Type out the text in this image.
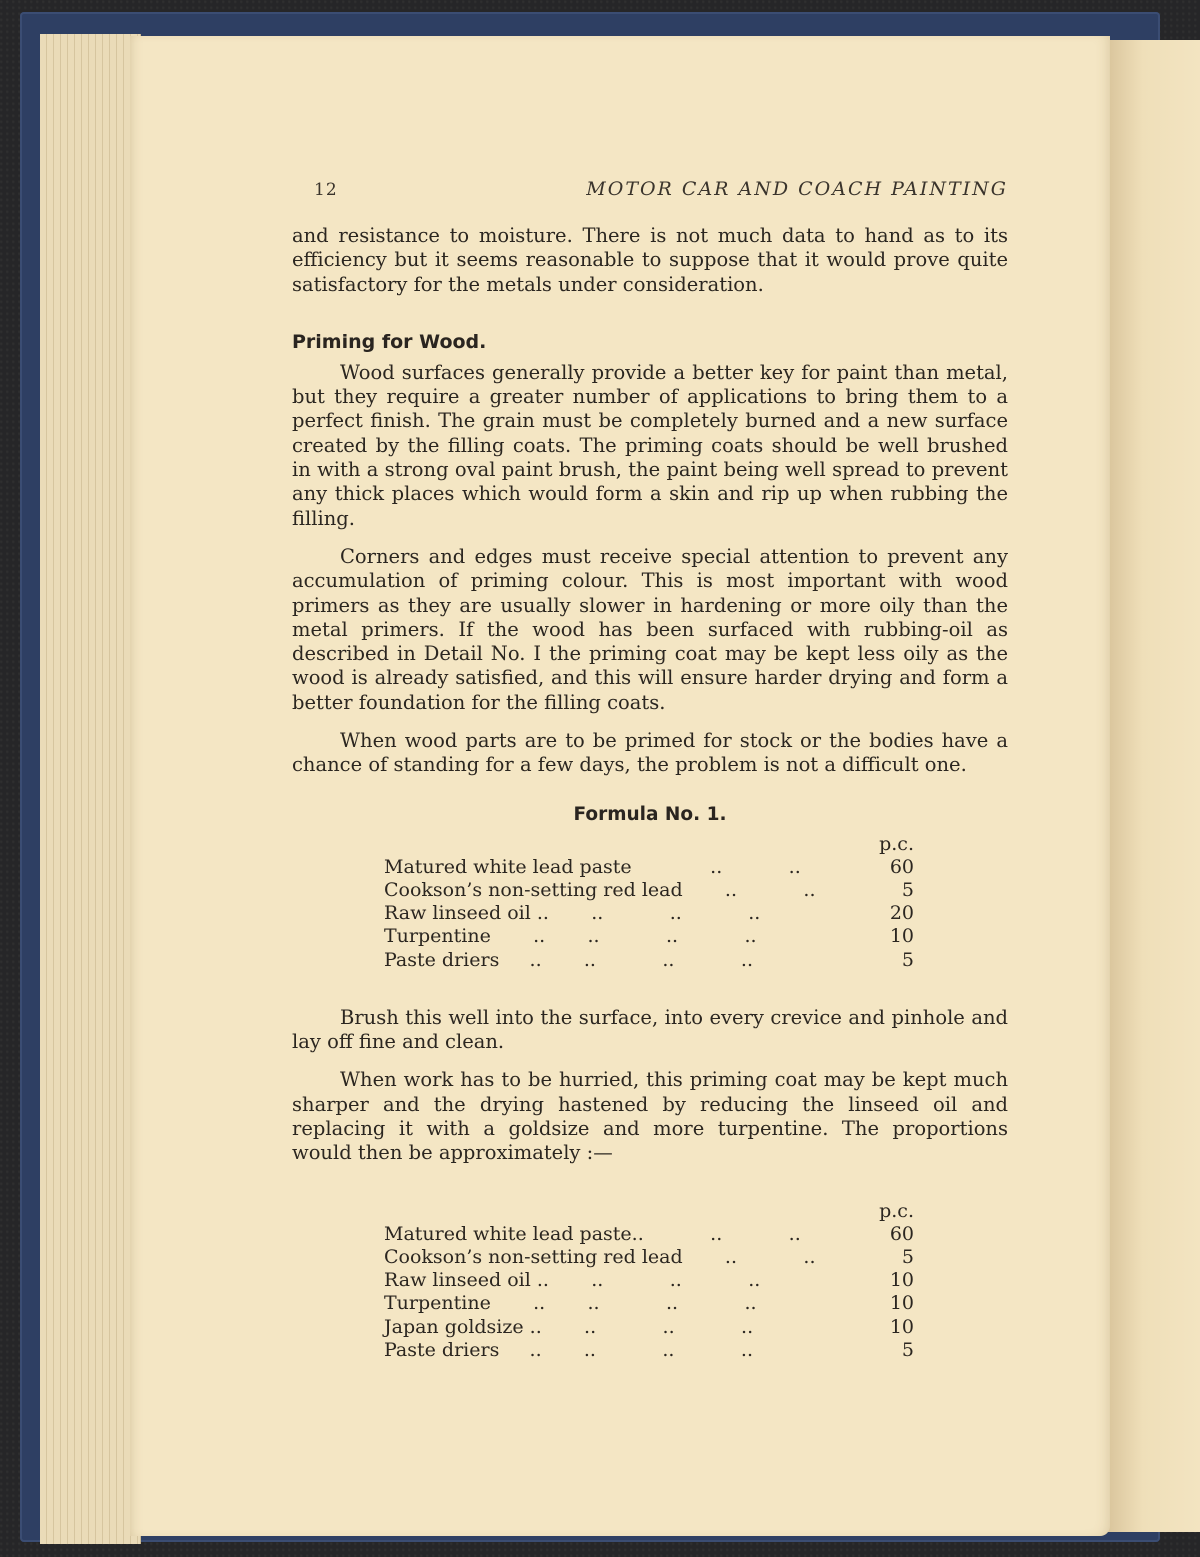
12	MOTOR CAR AND COACH PAINTING

and resistance to moisture. There is not much data to hand as to its efficiency but it seems reasonable to suppose that it would prove quite satisfactory for the metals under consideration.

Priming for Wood.

Wood surfaces generally provide a better key for paint than metal, but they require a greater number of applications to bring them to a perfect finish. The grain must be completely burned and a new surface created by the filling coats. The priming coats should be well brushed in with a strong oval paint brush, the paint being well spread to prevent any thick places which would form a skin and rip up when rubbing the filling.

Corners and edges must receive special attention to prevent any accumulation of priming colour. This is most important with wood primers as they are usually slower in hardening or more oily than the metal primers. If the wood has been surfaced with rubbing-oil as described in Detail No. I the priming coat may be kept less oily as the wood is already satisfied, and this will ensure harder drying and form a better foundation for the filling coats.

When wood parts are to be primed for stock or the bodies have a chance of standing for a few days, the problem is not a difficult one.

Formula No. 1.
p.c.
Matured white lead paste             ..           ..	60
Cookson’s non-setting red lead       ..           ..	5
Raw linseed oil ..       ..           ..           ..	20
Turpentine       ..       ..           ..           ..	10
Paste driers     ..       ..           ..           ..	5

Brush this well into the surface, into every crevice and pinhole and lay off fine and clean.

When work has to be hurried, this priming coat may be kept much sharper and the drying hastened by reducing the linseed oil and replacing it with a goldsize and more turpentine. The proportions would then be approximately :—

p.c.
Matured white lead paste..           ..           ..	60
Cookson’s non-setting red lead       ..           ..	5
Raw linseed oil ..       ..           ..           ..	10
Turpentine       ..       ..           ..           ..	10
Japan goldsize ..       ..           ..           ..	10
Paste driers     ..       ..           ..           ..	5
